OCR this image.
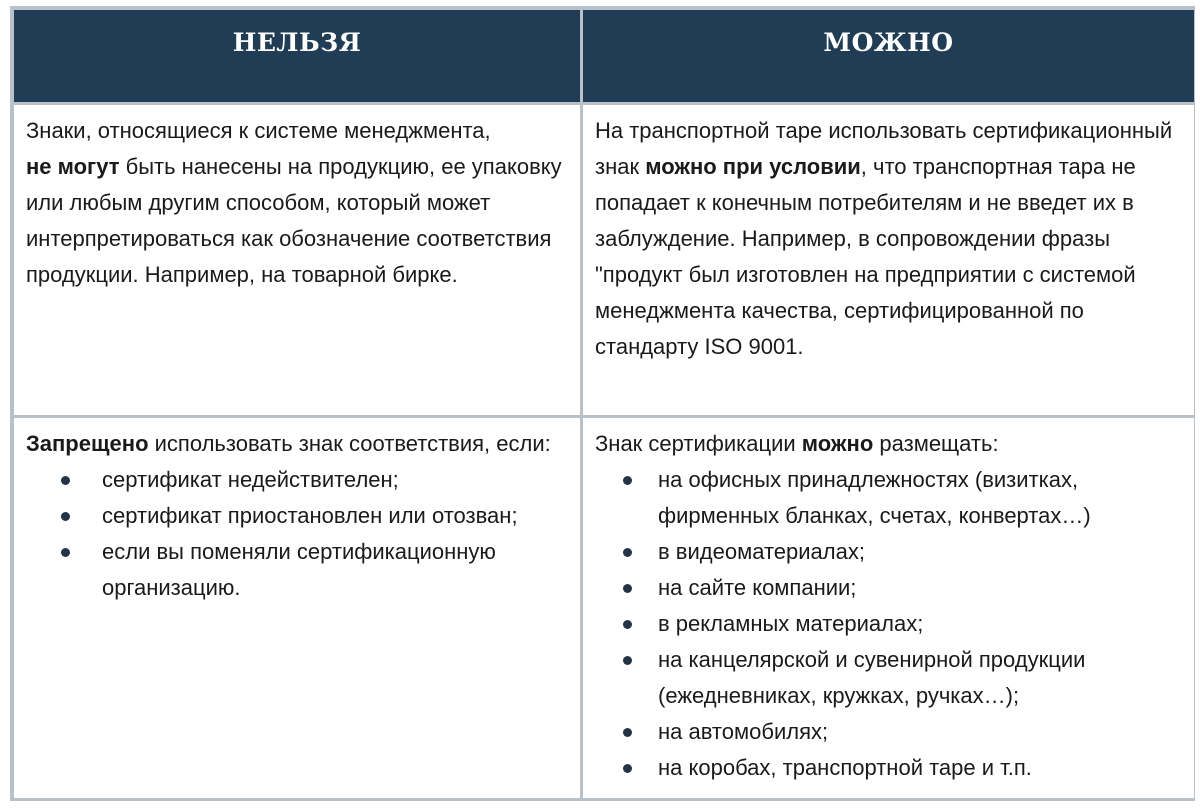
НЕЛЬЗЯ	МОЖНО

Знаки, относящиеся к системе менеджмента,
не могут быть нанесены на продукцию, ее упаковку или любым другим способом, который может интерпретироваться как обозначение соответствия продукции. Например, на товарной бирке.

На транспортной таре использовать сертификационный знак можно при условии, что транспортная тара не попадает к конечным потребителям и не введет их в заблуждение. Например, в сопровождении фразы "продукт был изготовлен на предприятии с системой менеджмента качества, сертифицированной по стандарту ISO 9001.

Запрещено использовать знак соответствия, если:

сертификат недействителен;
сертификат приостановлен или отозван;
если вы поменяли сертификационную организацию.

Знак сертификации можно размещать:

на офисных принадлежностях (визитках, фирменных бланках, счетах, конвертах…)
в видеоматериалах;
на сайте компании;
в рекламных материалах;
на канцелярской и сувенирной продукции (ежедневниках, кружках, ручках…);
на автомобилях;
на коробах, транспортной таре и т.п.
